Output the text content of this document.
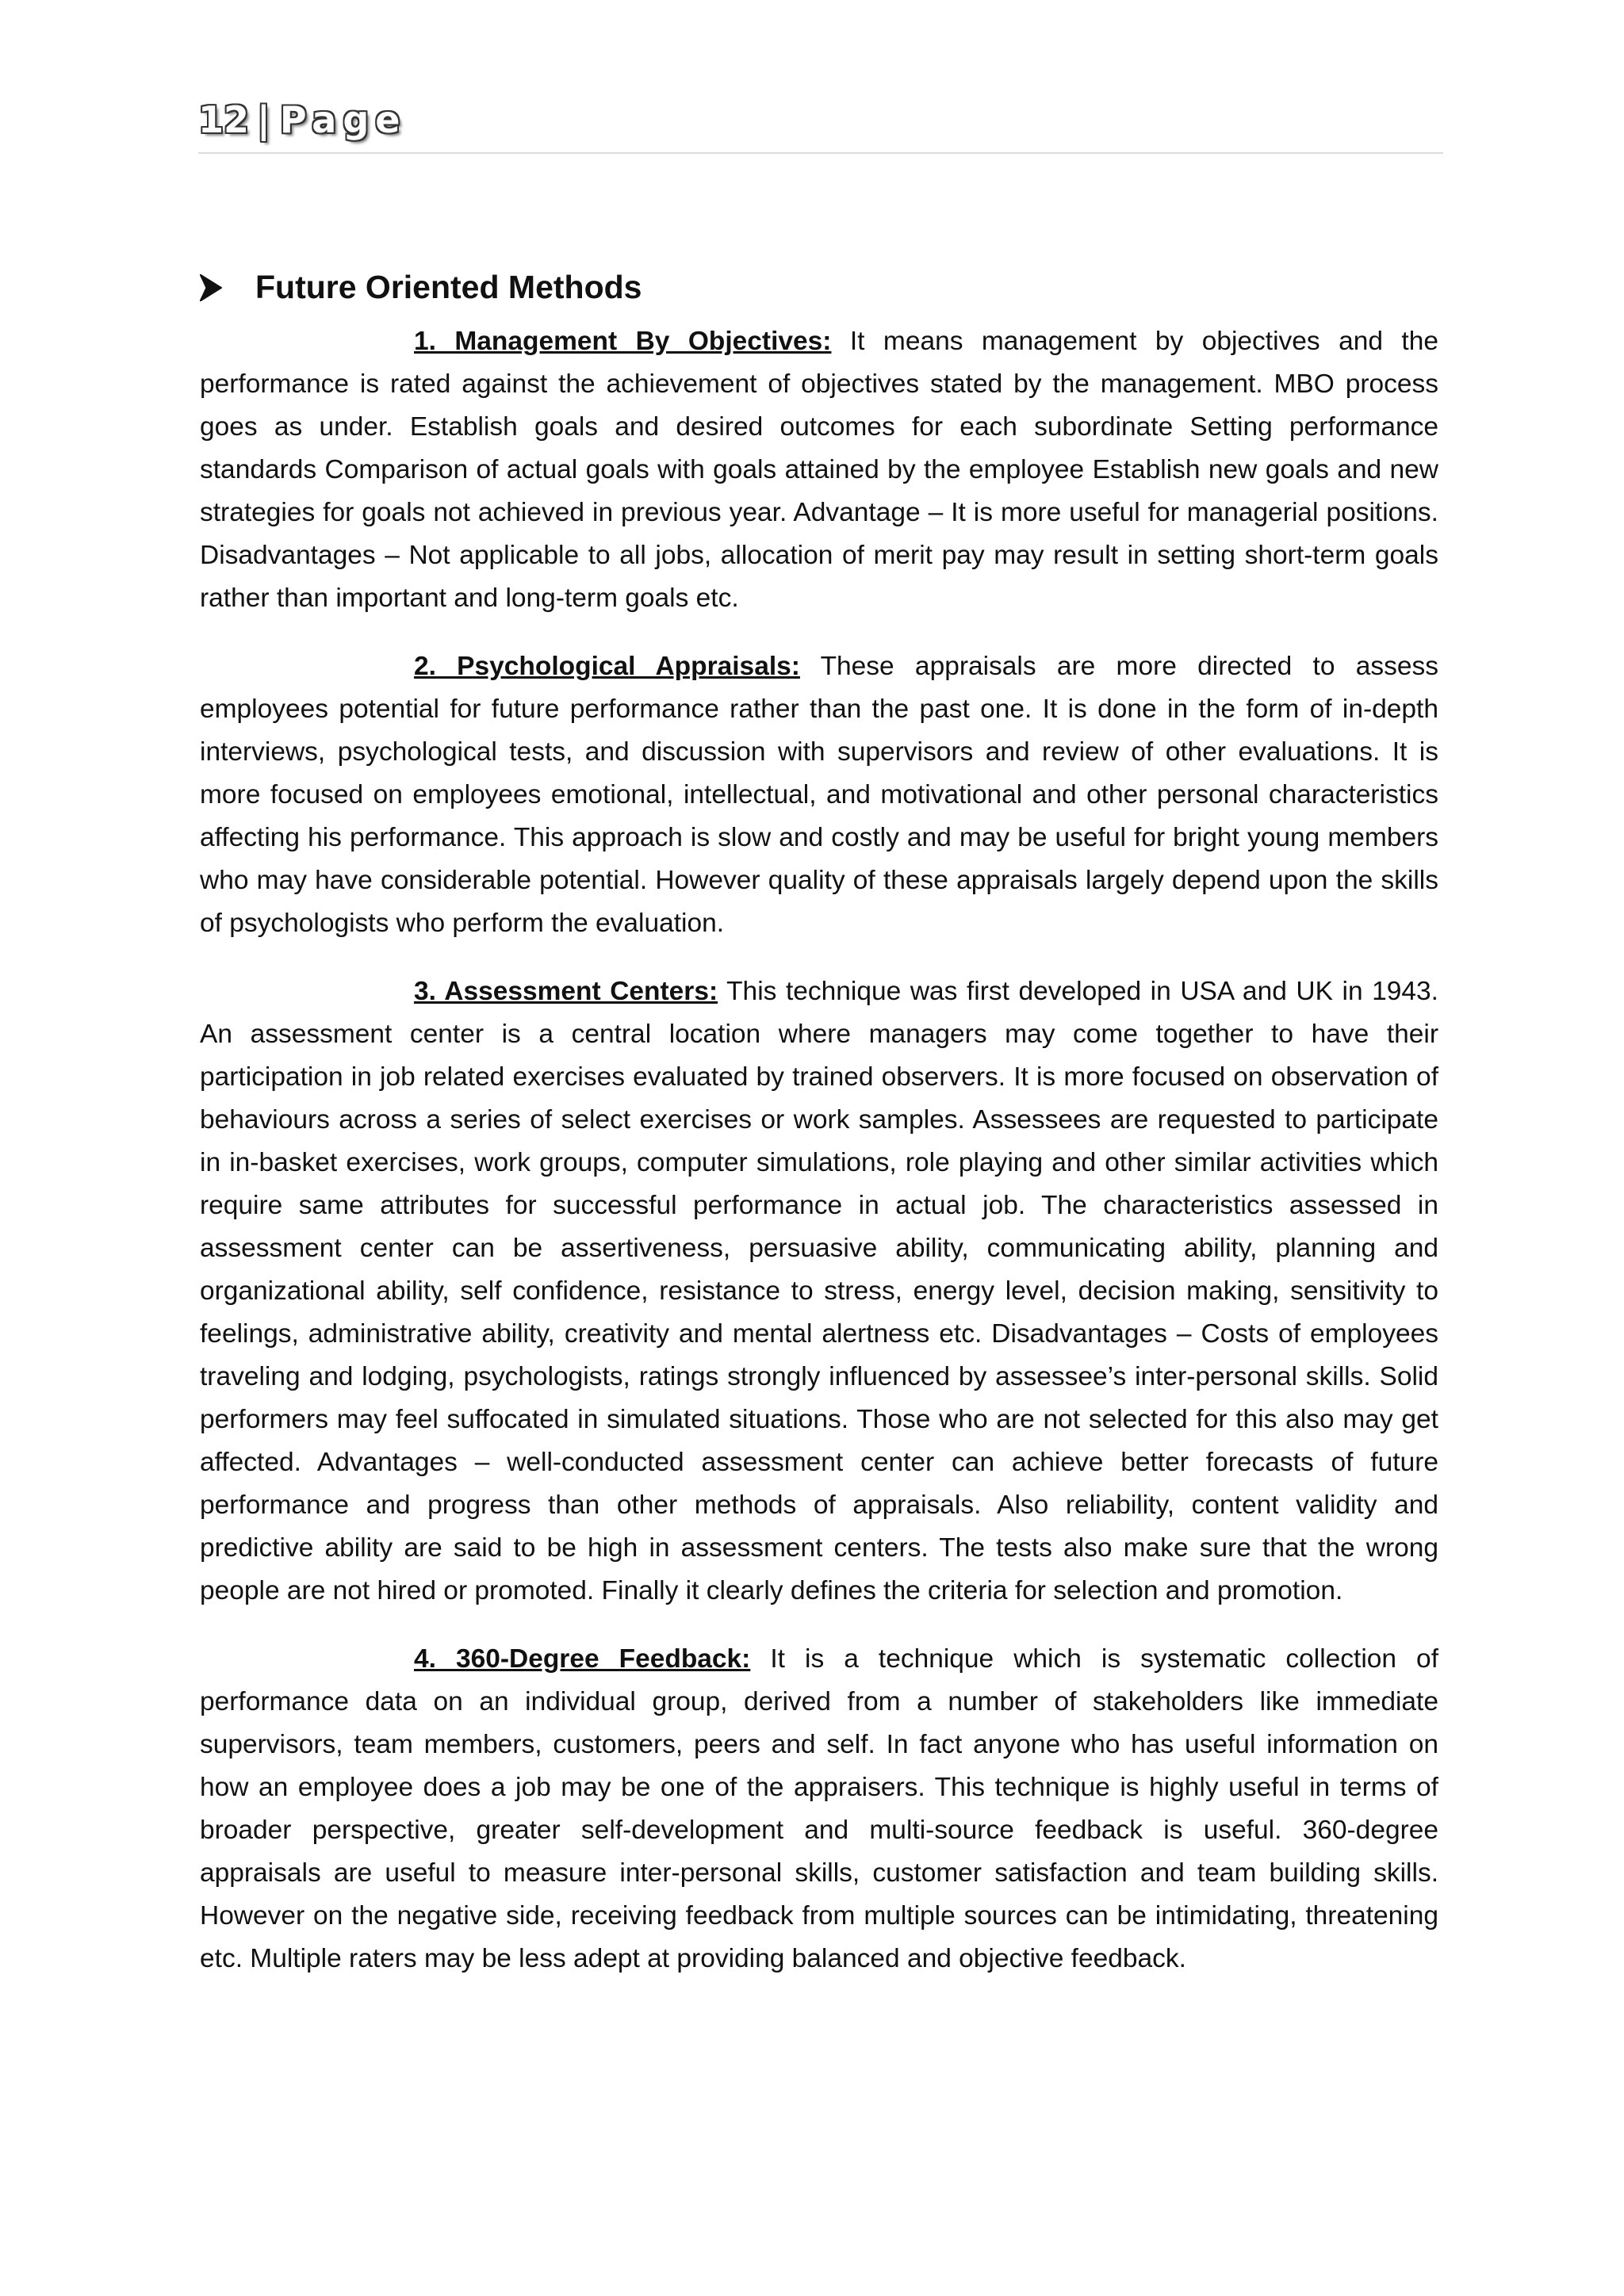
12 | Page
Future Oriented Methods

1. Management By Objectives: It means management by objectives and the performance is rated against the achievement of objectives stated by the management. MBO process goes as under. Establish goals and desired outcomes for each subordinate Setting performance standards Comparison of actual goals with goals attained by the employee Establish new goals and new strategies for goals not achieved in previous year. Advantage – It is more useful for managerial positions. Disadvantages – Not applicable to all jobs, allocation of merit pay may result in setting short-term goals rather than important and long-term goals etc.

2. Psychological Appraisals: These appraisals are more directed to assess employees potential for future performance rather than the past one. It is done in the form of in-depth interviews, psychological tests, and discussion with supervisors and review of other evaluations. It is more focused on employees emotional, intellectual, and motivational and other personal characteristics affecting his performance. This approach is slow and costly and may be useful for bright young members who may have considerable potential. However quality of these appraisals largely depend upon the skills of psychologists who perform the evaluation.

3. Assessment Centers: This technique was first developed in USA and UK in 1943. An assessment center is a central location where managers may come together to have their participation in job related exercises evaluated by trained observers. It is more focused on observation of behaviours across a series of select exercises or work samples. Assessees are requested to participate in in-basket exercises, work groups, computer simulations, role playing and other similar activities which require same attributes for successful performance in actual job. The characteristics assessed in assessment center can be assertiveness, persuasive ability, communicating ability, planning and organizational ability, self confidence, resistance to stress, energy level, decision making, sensitivity to feelings, administrative ability, creativity and mental alertness etc. Disadvantages – Costs of employees traveling and lodging, psychologists, ratings strongly influenced by assessee’s inter-personal skills. Solid performers may feel suffocated in simulated situations. Those who are not selected for this also may get affected. Advantages – well-conducted assessment center can achieve better forecasts of future performance and progress than other methods of appraisals. Also reliability, content validity and predictive ability are said to be high in assessment centers. The tests also make sure that the wrong people are not hired or promoted. Finally it clearly defines the criteria for selection and promotion.

4. 360-Degree Feedback: It is a technique which is systematic collection of performance data on an individual group, derived from a number of stakeholders like immediate supervisors, team members, customers, peers and self. In fact anyone who has useful information on how an employee does a job may be one of the appraisers. This technique is highly useful in terms of broader perspective, greater self-development and multi-source feedback is useful. 360-degree appraisals are useful to measure inter-personal skills, customer satisfaction and team building skills. However on the negative side, receiving feedback from multiple sources can be intimidating, threatening etc. Multiple raters may be less adept at providing balanced and objective feedback.
